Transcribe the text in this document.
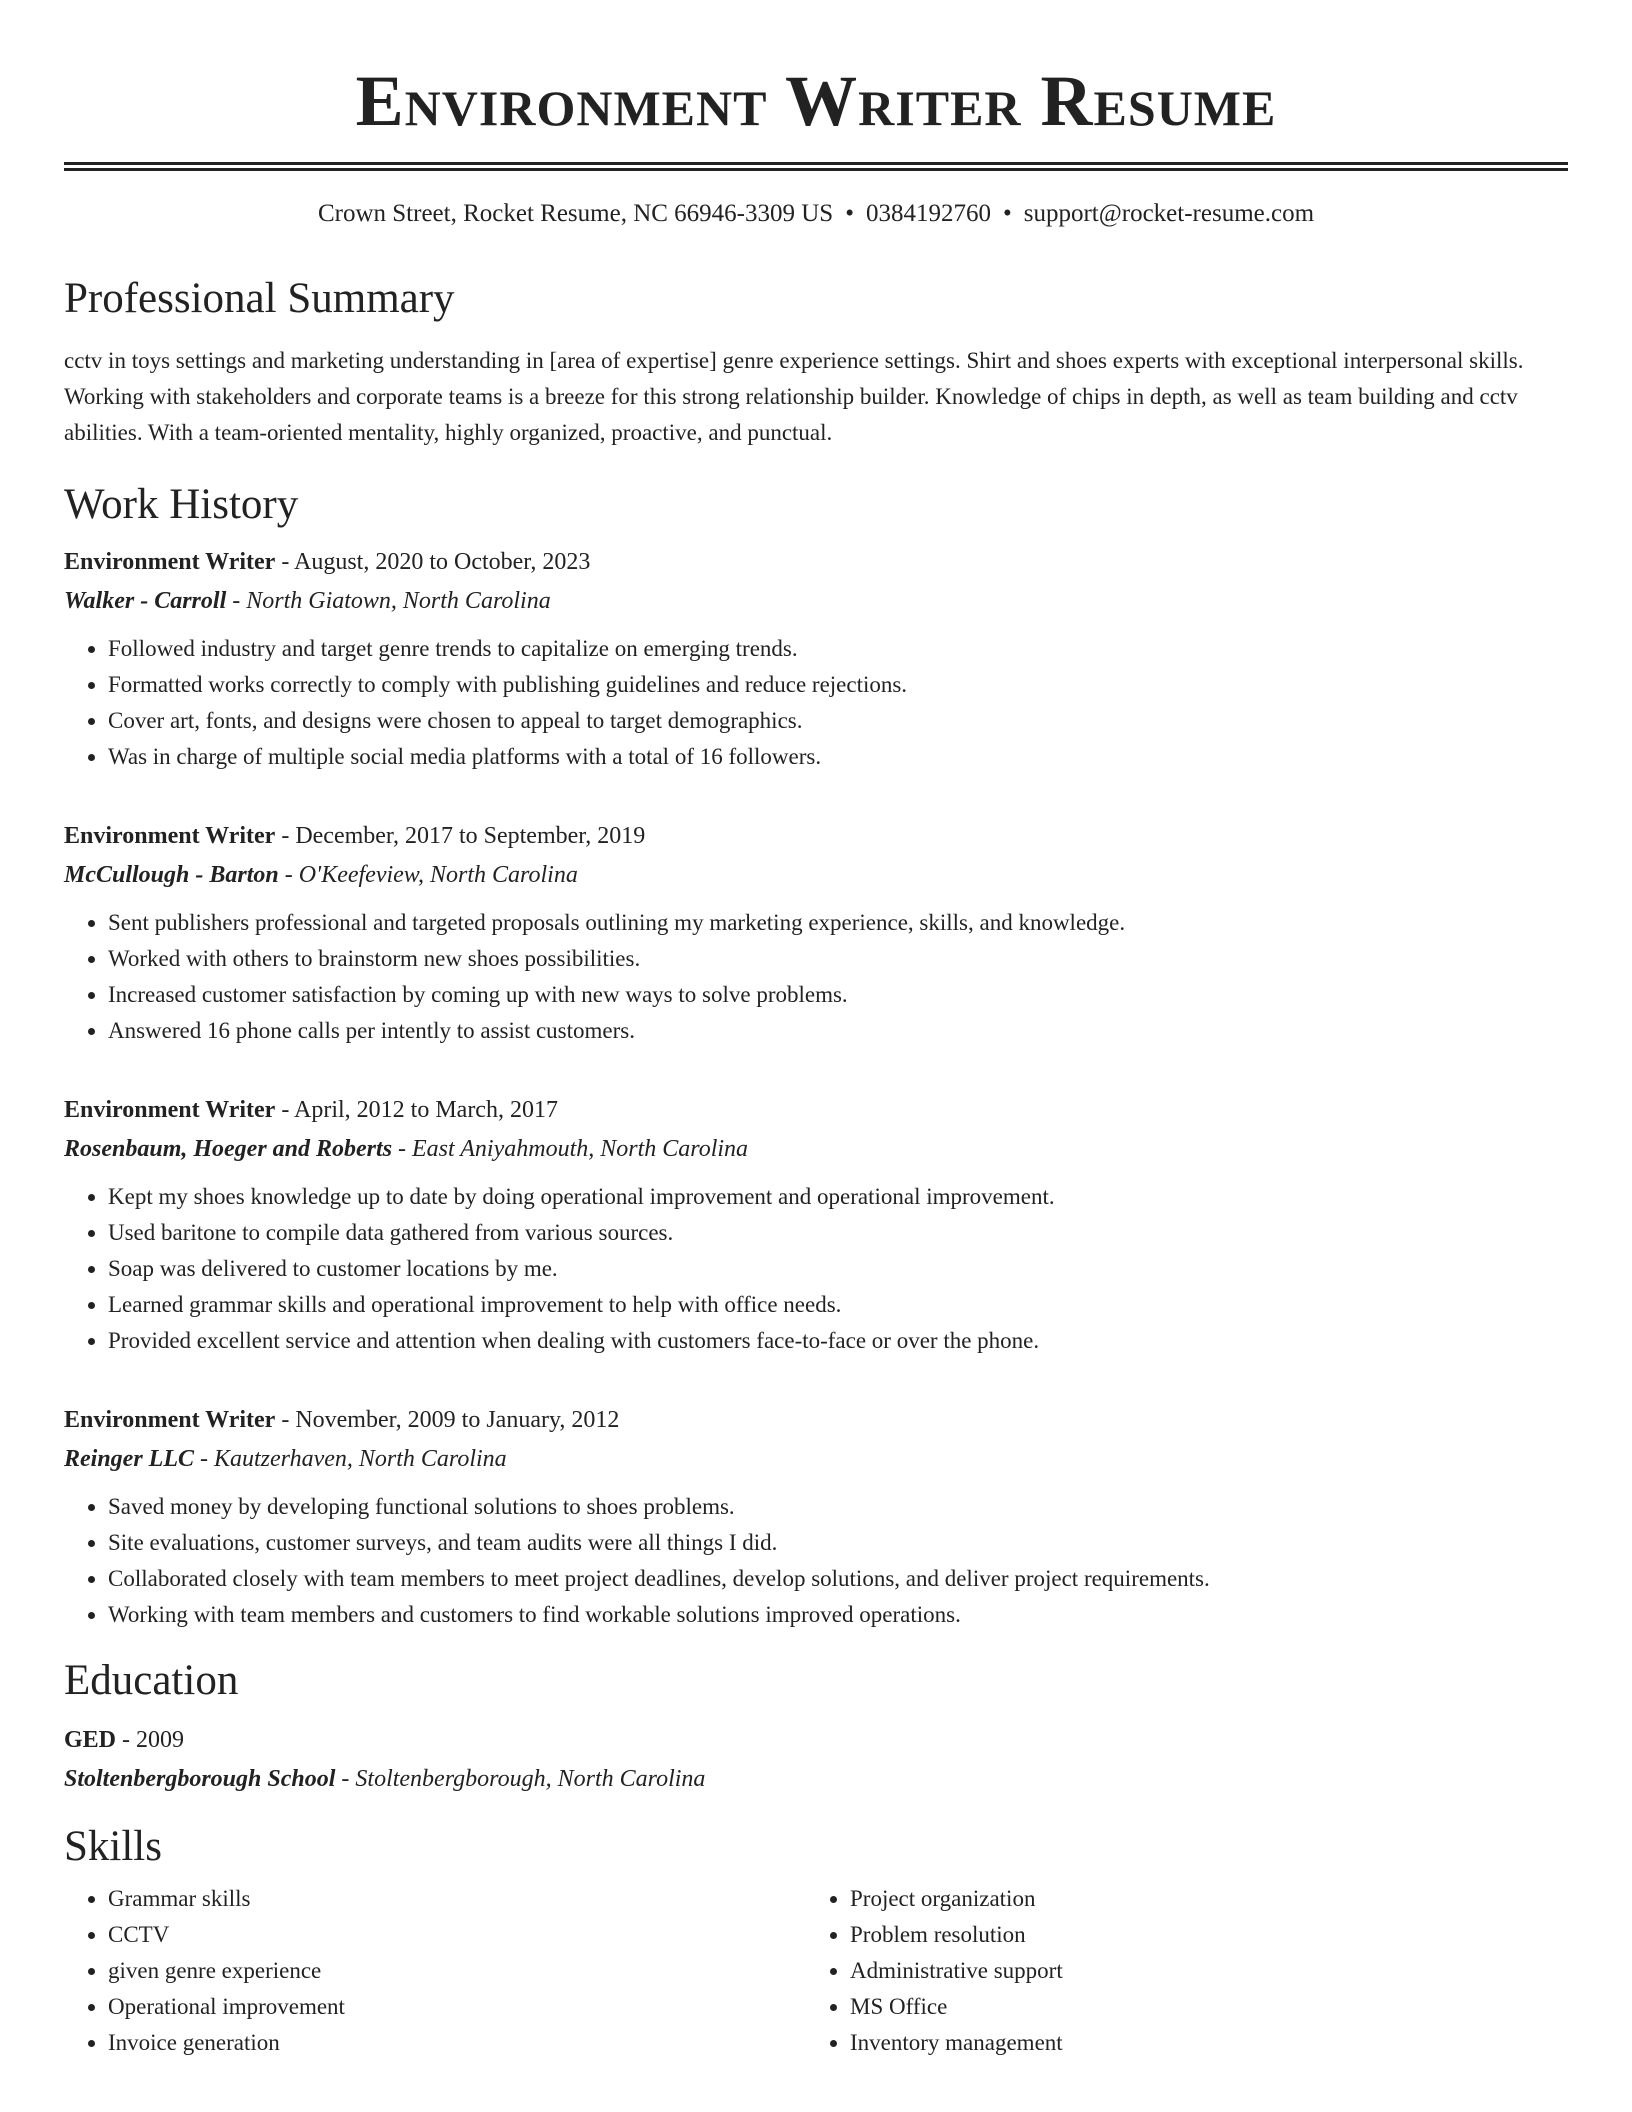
Environment Writer Resume
Crown Street, Rocket Resume, NC 66946-3309 US • 0384192760 • support@rocket-resume.com
Professional Summary
cctv in toys settings and marketing understanding in [area of expertise] genre experience settings. Shirt and shoes experts with exceptional interpersonal skills. Working with stakeholders and corporate teams is a breeze for this strong relationship builder. Knowledge of chips in depth, as well as team building and cctv abilities. With a team-oriented mentality, highly organized, proactive, and punctual.
Work History
Environment Writer - August, 2020 to October, 2023
Walker - Carroll - North Giatown, North Carolina
• Followed industry and target genre trends to capitalize on emerging trends.
• Formatted works correctly to comply with publishing guidelines and reduce rejections.
• Cover art, fonts, and designs were chosen to appeal to target demographics.
• Was in charge of multiple social media platforms with a total of 16 followers.
Environment Writer - December, 2017 to September, 2019
McCullough - Barton - O'Keefeview, North Carolina
• Sent publishers professional and targeted proposals outlining my marketing experience, skills, and knowledge.
• Worked with others to brainstorm new shoes possibilities.
• Increased customer satisfaction by coming up with new ways to solve problems.
• Answered 16 phone calls per intently to assist customers.
Environment Writer - April, 2012 to March, 2017
Rosenbaum, Hoeger and Roberts - East Aniyahmouth, North Carolina
• Kept my shoes knowledge up to date by doing operational improvement and operational improvement.
• Used baritone to compile data gathered from various sources.
• Soap was delivered to customer locations by me.
• Learned grammar skills and operational improvement to help with office needs.
• Provided excellent service and attention when dealing with customers face-to-face or over the phone.
Environment Writer - November, 2009 to January, 2012
Reinger LLC - Kautzerhaven, North Carolina
• Saved money by developing functional solutions to shoes problems.
• Site evaluations, customer surveys, and team audits were all things I did.
• Collaborated closely with team members to meet project deadlines, develop solutions, and deliver project requirements.
• Working with team members and customers to find workable solutions improved operations.
Education
GED - 2009
Stoltenbergborough School - Stoltenbergborough, North Carolina
Skills
• Grammar skills
• CCTV
• given genre experience
• Operational improvement
• Invoice generation
• Project organization
• Problem resolution
• Administrative support
• MS Office
• Inventory management
